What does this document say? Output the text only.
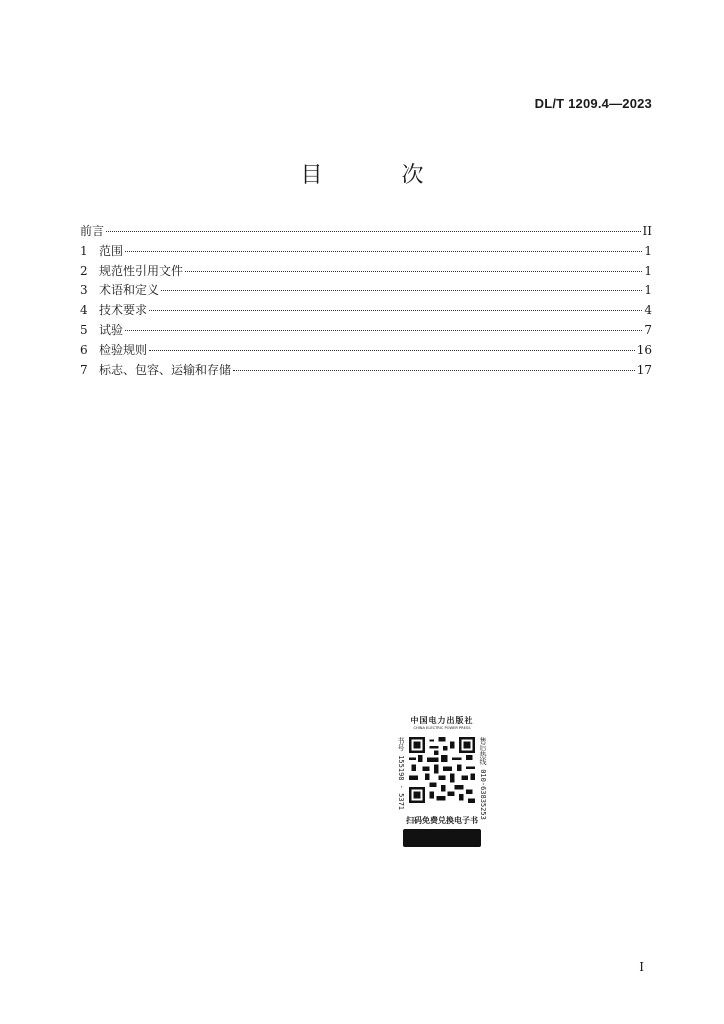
DL/T 1209.4—2023
目 次
前言	II
1 范围	1
2 规范性引用文件	1
3 术语和定义	1
4 技术要求	4
5 试验	7
6 检验规则	16
7 标志、包容、运输和存储	17
中国电力出版社
CHINA ELECTRIC POWER PRESS
书号 155198 · 5371	售后热线 010-63835253
扫码免费兑换电子书
I
